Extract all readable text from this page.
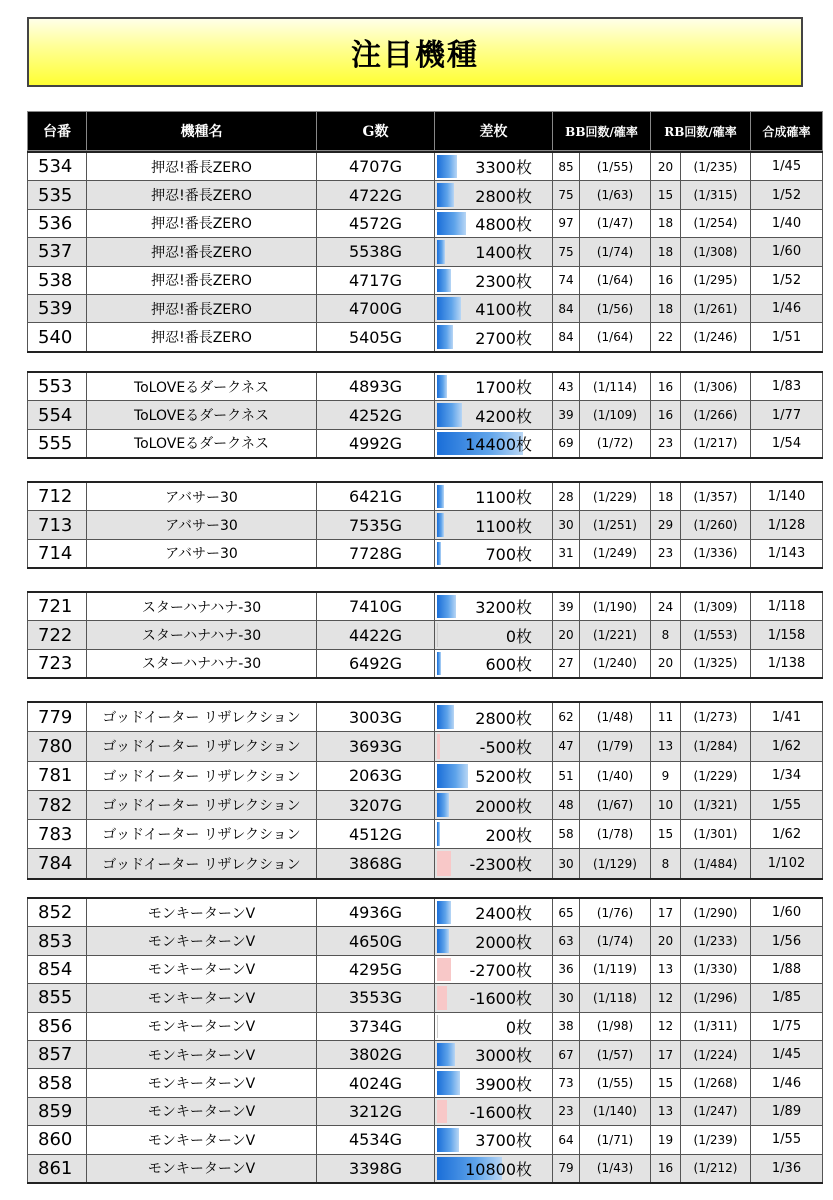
注目機種
台番	機種名	G数	差枚	BB回数/確率	RB回数/確率	合成確率
534	押忍!番長ZERO	4707G	3300枚	85	(1/55)	20	(1/235)	1/45
535	押忍!番長ZERO	4722G	2800枚	75	(1/63)	15	(1/315)	1/52
536	押忍!番長ZERO	4572G	4800枚	97	(1/47)	18	(1/254)	1/40
537	押忍!番長ZERO	5538G	1400枚	75	(1/74)	18	(1/308)	1/60
538	押忍!番長ZERO	4717G	2300枚	74	(1/64)	16	(1/295)	1/52
539	押忍!番長ZERO	4700G	4100枚	84	(1/56)	18	(1/261)	1/46
540	押忍!番長ZERO	5405G	2700枚	84	(1/64)	22	(1/246)	1/51
553	ToLOVEるダークネス	4893G	1700枚	43	(1/114)	16	(1/306)	1/83
554	ToLOVEるダークネス	4252G	4200枚	39	(1/109)	16	(1/266)	1/77
555	ToLOVEるダークネス	4992G	14400枚	69	(1/72)	23	(1/217)	1/54
712	アバサー30	6421G	1100枚	28	(1/229)	18	(1/357)	1/140
713	アバサー30	7535G	1100枚	30	(1/251)	29	(1/260)	1/128
714	アバサー30	7728G	700枚	31	(1/249)	23	(1/336)	1/143
721	スターハナハナ-30	7410G	3200枚	39	(1/190)	24	(1/309)	1/118
722	スターハナハナ-30	4422G	0枚	20	(1/221)	8	(1/553)	1/158
723	スターハナハナ-30	6492G	600枚	27	(1/240)	20	(1/325)	1/138
779	ゴッドイーター リザレクション	3003G	2800枚	62	(1/48)	11	(1/273)	1/41
780	ゴッドイーター リザレクション	3693G	-500枚	47	(1/79)	13	(1/284)	1/62
781	ゴッドイーター リザレクション	2063G	5200枚	51	(1/40)	9	(1/229)	1/34
782	ゴッドイーター リザレクション	3207G	2000枚	48	(1/67)	10	(1/321)	1/55
783	ゴッドイーター リザレクション	4512G	200枚	58	(1/78)	15	(1/301)	1/62
784	ゴッドイーター リザレクション	3868G	-2300枚	30	(1/129)	8	(1/484)	1/102
852	モンキーターンV	4936G	2400枚	65	(1/76)	17	(1/290)	1/60
853	モンキーターンV	4650G	2000枚	63	(1/74)	20	(1/233)	1/56
854	モンキーターンV	4295G	-2700枚	36	(1/119)	13	(1/330)	1/88
855	モンキーターンV	3553G	-1600枚	30	(1/118)	12	(1/296)	1/85
856	モンキーターンV	3734G	0枚	38	(1/98)	12	(1/311)	1/75
857	モンキーターンV	3802G	3000枚	67	(1/57)	17	(1/224)	1/45
858	モンキーターンV	4024G	3900枚	73	(1/55)	15	(1/268)	1/46
859	モンキーターンV	3212G	-1600枚	23	(1/140)	13	(1/247)	1/89
860	モンキーターンV	4534G	3700枚	64	(1/71)	19	(1/239)	1/55
861	モンキーターンV	3398G	10800枚	79	(1/43)	16	(1/212)	1/36
